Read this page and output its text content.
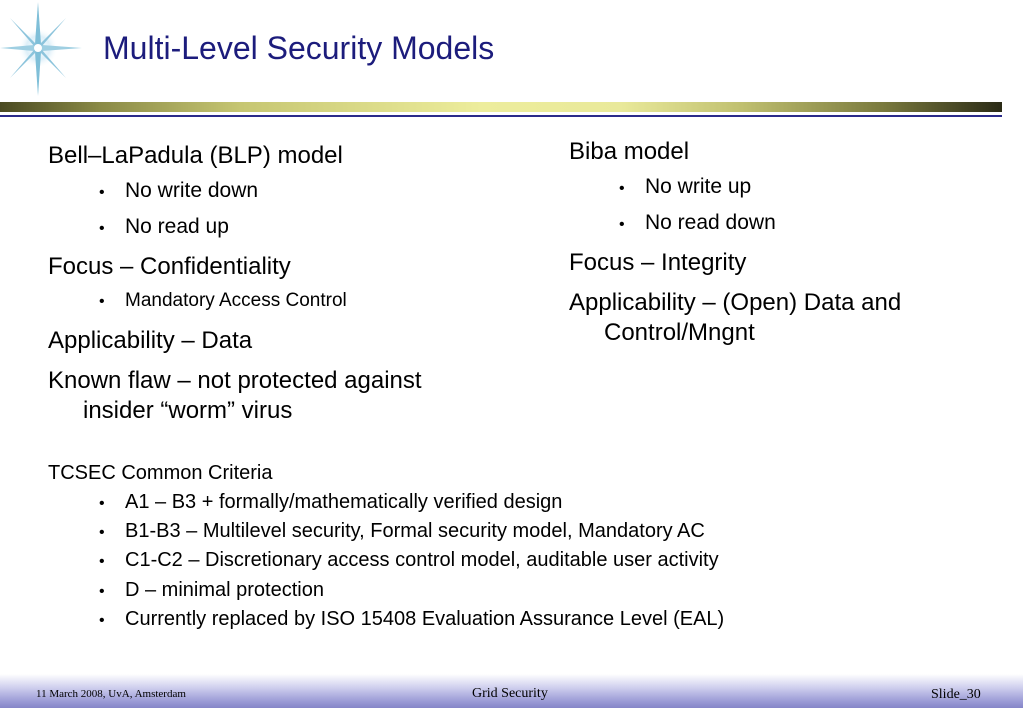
Multi-Level Security Models
Bell–LaPadula (BLP) model
• No write down
• No read up
Focus – Confidentiality
•	Mandatory Access Control
Applicability – Data
Known flaw – not protected against
insider “worm” virus
Biba model
• No write up
• No read down
Focus – Integrity
Applicability – (Open) Data and
Control/Mngnt
TCSEC Common Criteria
•	A1 – B3 + formally/mathematically verified design
•	B1-B3 – Multilevel security, Formal security model, Mandatory AC
•	C1-C2 – Discretionary access control model, auditable user activity
•	D – minimal protection
•	Currently replaced by ISO 15408 Evaluation Assurance Level (EAL)
11 March 2008, UvA, Amsterdam	Grid Security	Slide_30
